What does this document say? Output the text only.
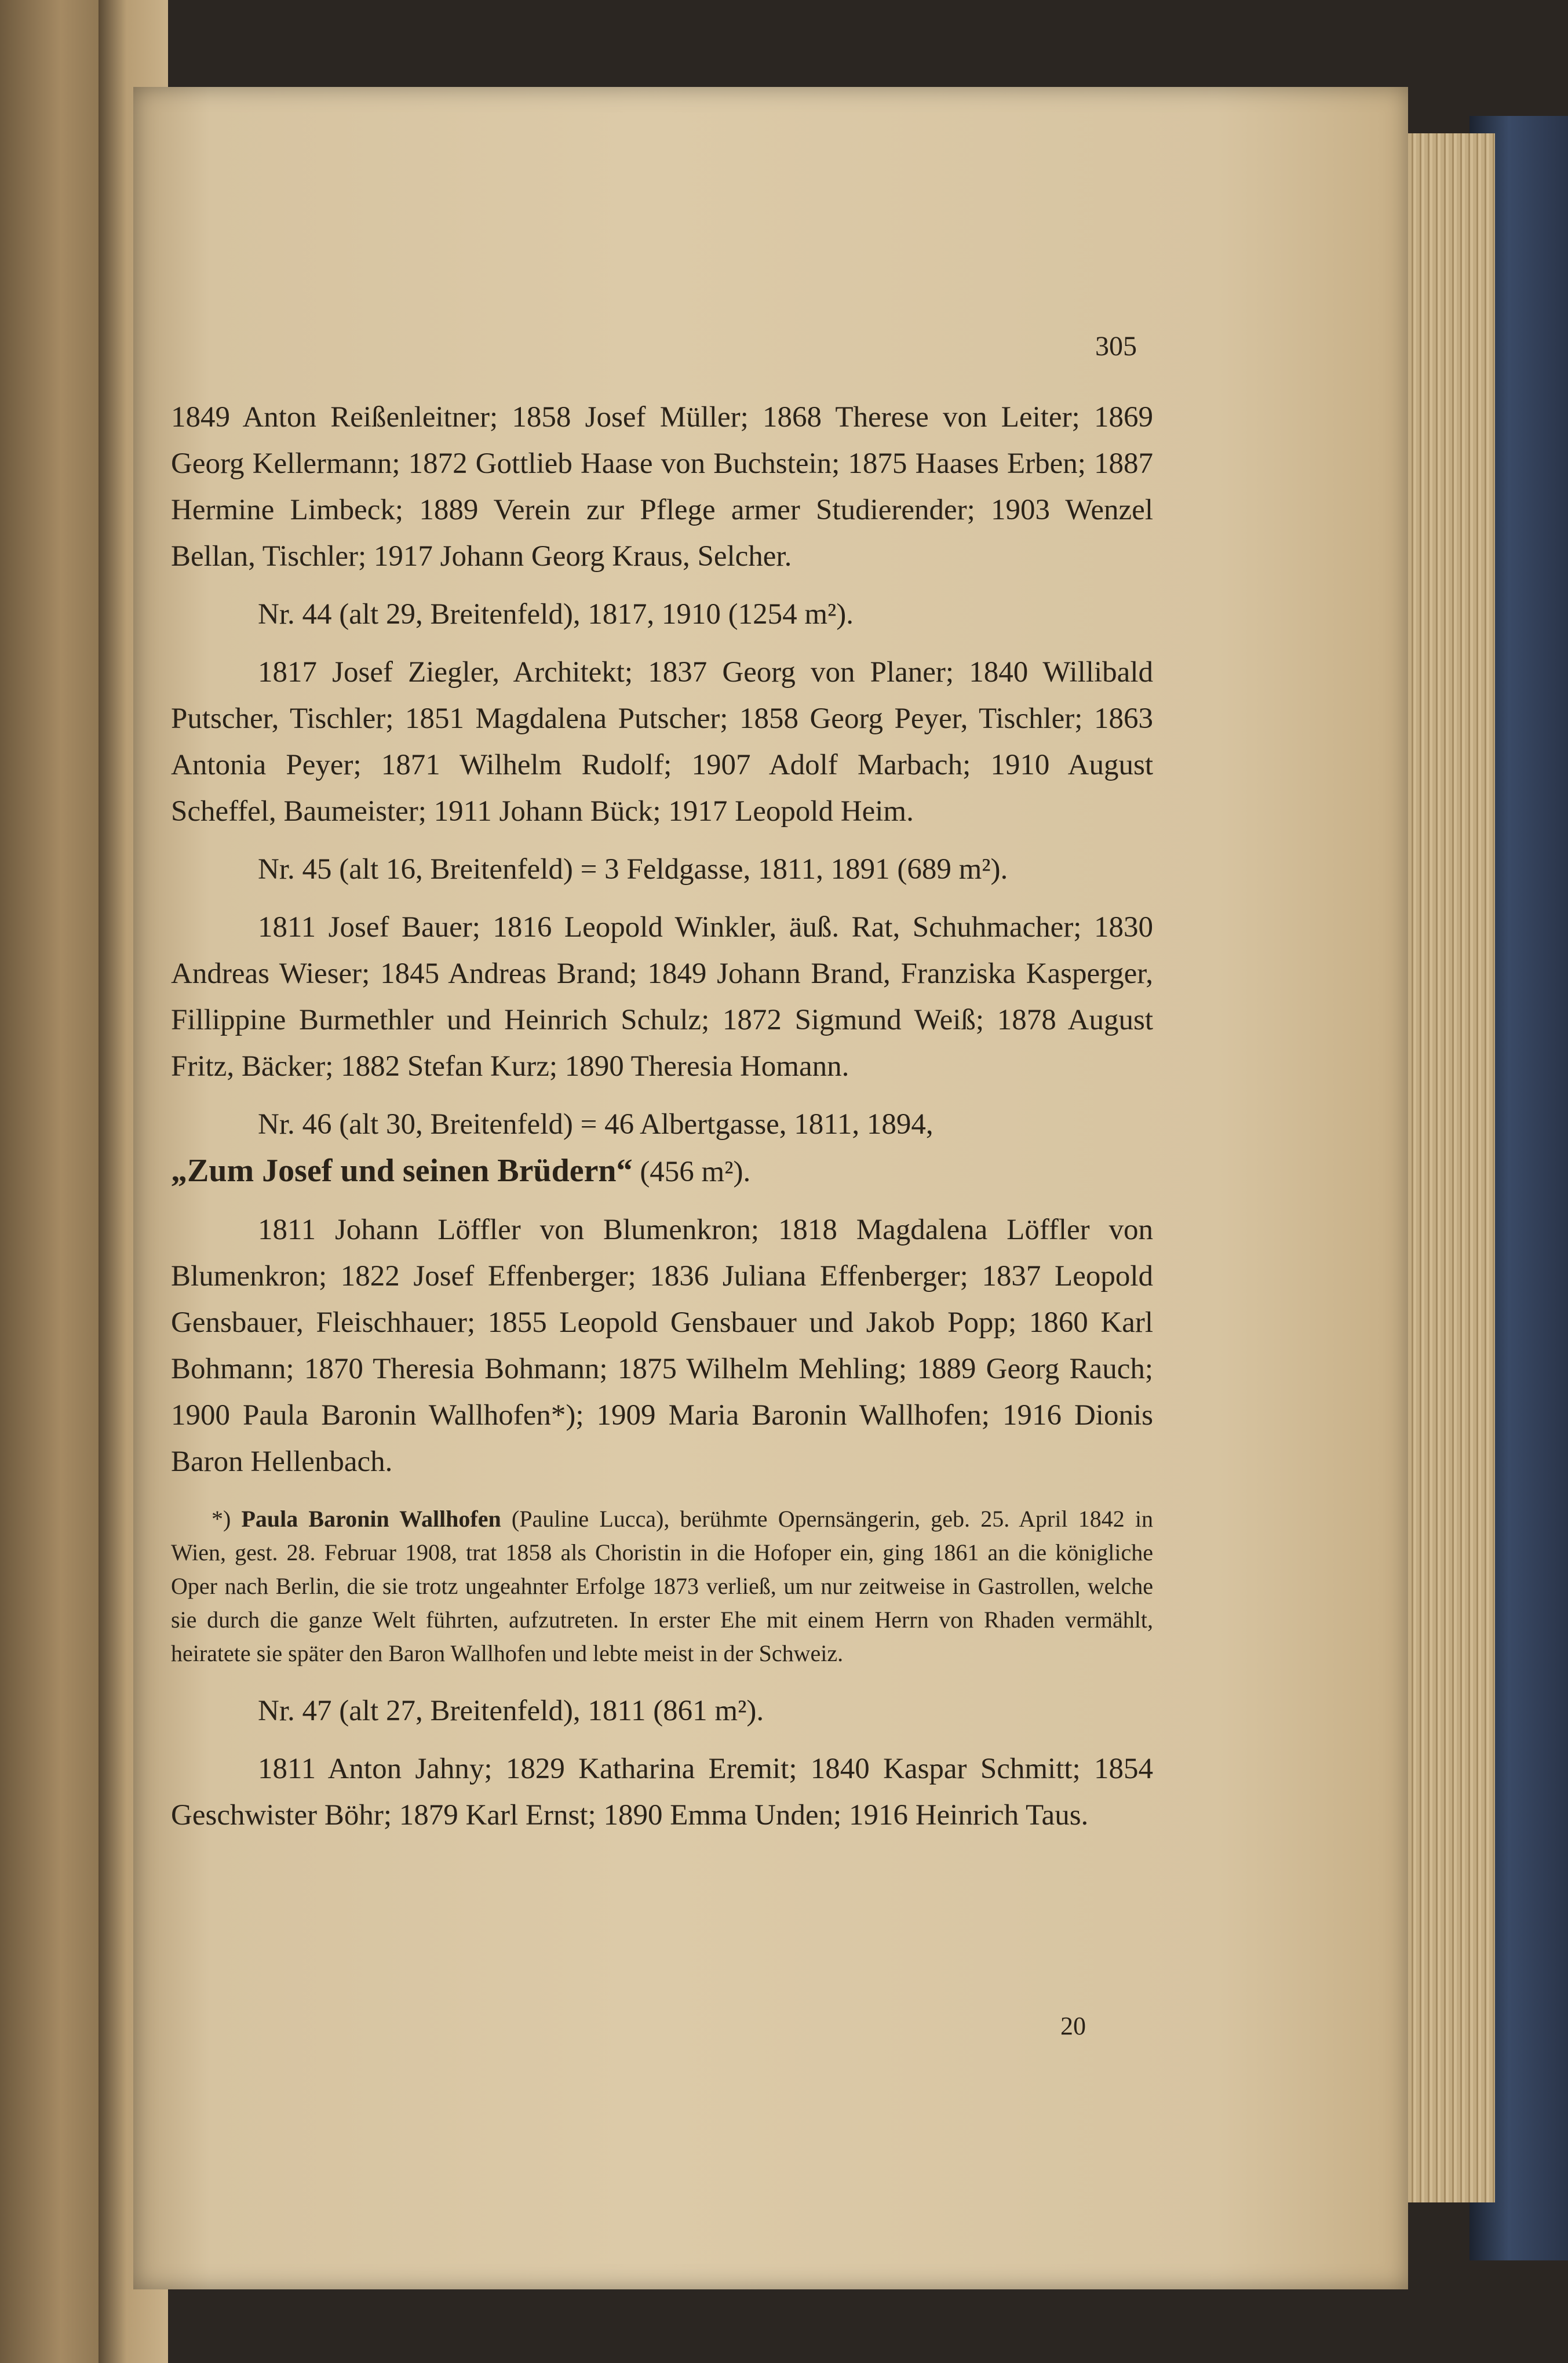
305

1849 Anton Reißenleitner; 1858 Josef Müller; 1868 Therese von Leiter; 1869 Georg Kellermann; 1872 Gottlieb Haase von Buchstein; 1875 Haases Erben; 1887 Hermine Limbeck; 1889 Verein zur Pflege armer Studierender; 1903 Wenzel Bellan, Tischler; 1917 Johann Georg Kraus, Selcher.

Nr. 44 (alt 29, Breitenfeld), 1817, 1910 (1254 m²).

1817 Josef Ziegler, Architekt; 1837 Georg von Planer; 1840 Willibald Putscher, Tischler; 1851 Magdalena Putscher; 1858 Georg Peyer, Tischler; 1863 Antonia Peyer; 1871 Wilhelm Rudolf; 1907 Adolf Marbach; 1910 August Scheffel, Baumeister; 1911 Johann Bück; 1917 Leopold Heim.

Nr. 45 (alt 16, Breitenfeld) = 3 Feldgasse, 1811, 1891 (689 m²).

1811 Josef Bauer; 1816 Leopold Winkler, äuß. Rat, Schuhmacher; 1830 Andreas Wieser; 1845 Andreas Brand; 1849 Johann Brand, Franziska Kasperger, Fillippine Burmethler und Heinrich Schulz; 1872 Sigmund Weiß; 1878 August Fritz, Bäcker; 1882 Stefan Kurz; 1890 Theresia Homann.

Nr. 46 (alt 30, Breitenfeld) = 46 Albertgasse, 1811, 1894,

„Zum Josef und seinen Brüdern“ (456 m²).

1811 Johann Löffler von Blumenkron; 1818 Magdalena Löffler von Blumenkron; 1822 Josef Effenberger; 1836 Juliana Effenberger; 1837 Leopold Gensbauer, Fleischhauer; 1855 Leopold Gensbauer und Jakob Popp; 1860 Karl Bohmann; 1870 Theresia Bohmann; 1875 Wilhelm Mehling; 1889 Georg Rauch; 1900 Paula Baronin Wallhofen*); 1909 Maria Baronin Wallhofen; 1916 Dionis Baron Hellenbach.

*) Paula Baronin Wallhofen (Pauline Lucca), berühmte Opernsängerin, geb. 25. April 1842 in Wien, gest. 28. Februar 1908, trat 1858 als Choristin in die Hofoper ein, ging 1861 an die königliche Oper nach Berlin, die sie trotz ungeahnter Erfolge 1873 verließ, um nur zeitweise in Gastrollen, welche sie durch die ganze Welt führten, aufzutreten. In erster Ehe mit einem Herrn von Rhaden vermählt, heiratete sie später den Baron Wallhofen und lebte meist in der Schweiz.

Nr. 47 (alt 27, Breitenfeld), 1811 (861 m²).

1811 Anton Jahny; 1829 Katharina Eremit; 1840 Kaspar Schmitt; 1854 Geschwister Böhr; 1879 Karl Ernst; 1890 Emma Unden; 1916 Heinrich Taus.

20
